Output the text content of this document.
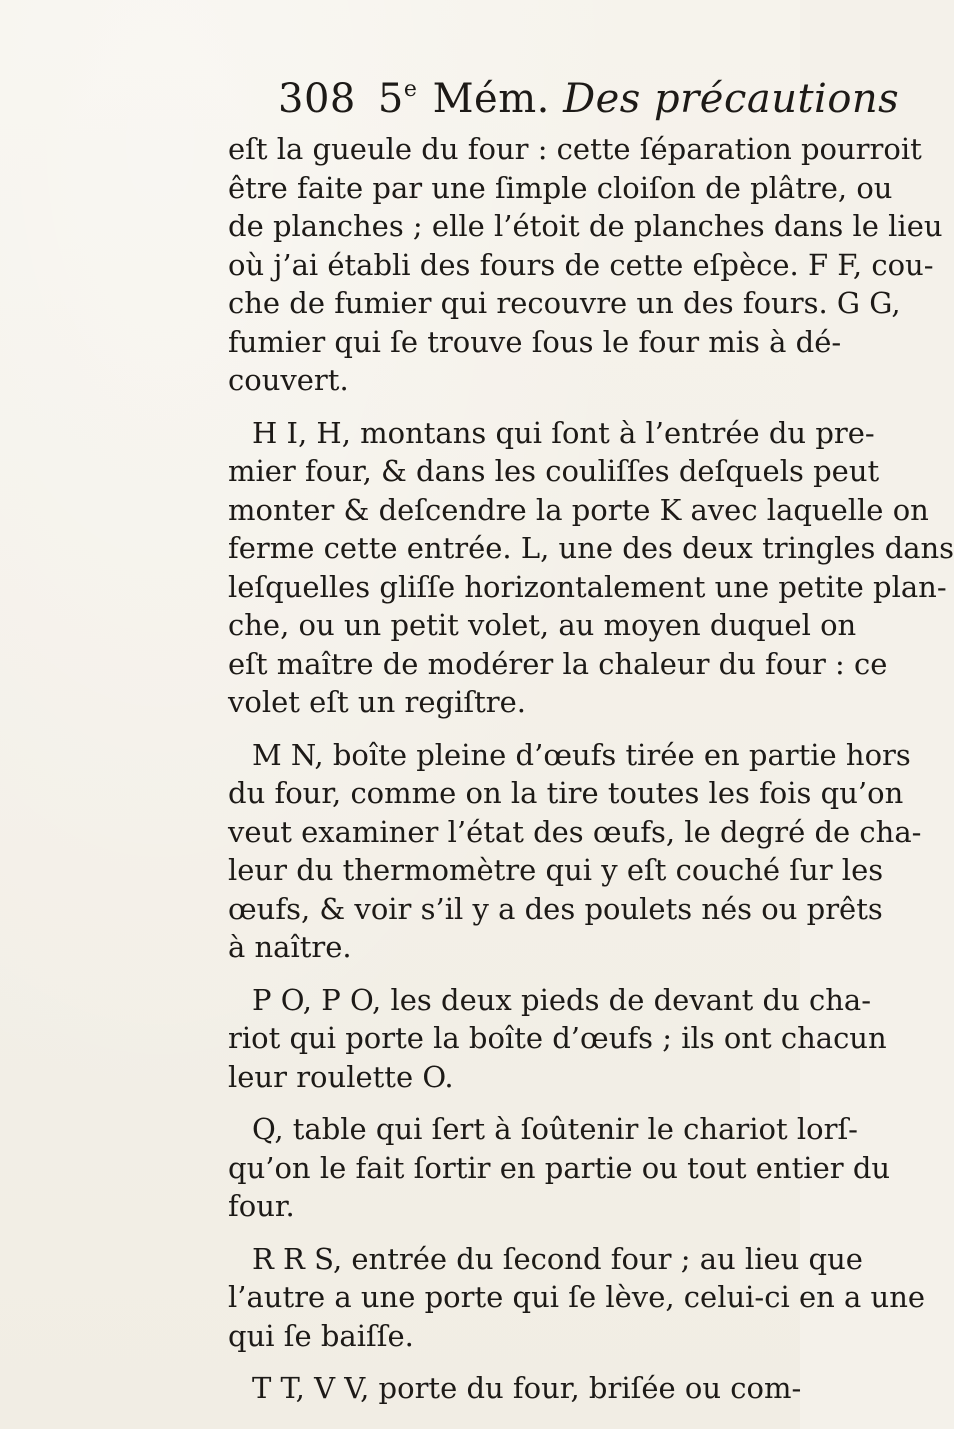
308 5e Mém. Des précautions

eſt la gueule du four : cette ſéparation pourroit
être faite par une ſimple cloiſon de plâtre, ou
de planches ; elle l’étoit de planches dans le lieu
où j’ai établi des fours de cette eſpèce. F F, cou-
che de fumier qui recouvre un des fours. G G,
fumier qui ſe trouve ſous le four mis à dé-
couvert.

H I, H, montans qui ſont à l’entrée du pre-
mier four, & dans les couliſſes deſquels peut
monter & deſcendre la porte K avec laquelle on
ferme cette entrée. L, une des deux tringles dans
leſquelles gliſſe horizontalement une petite plan-
che, ou un petit volet, au moyen duquel on
eſt maître de modérer la chaleur du four : ce
volet eſt un regiſtre.

M N, boîte pleine d’œufs tirée en partie hors
du four, comme on la tire toutes les fois qu’on
veut examiner l’état des œufs, le degré de cha-
leur du thermomètre qui y eſt couché ſur les
œufs, & voir s’il y a des poulets nés ou prêts
à naître.

P O, P O, les deux pieds de devant du cha-
riot qui porte la boîte d’œufs ; ils ont chacun
leur roulette O.

Q, table qui ſert à ſoûtenir le chariot lorſ-
qu’on le fait ſortir en partie ou tout entier du
four.

R R S, entrée du ſecond four ; au lieu que
l’autre a une porte qui ſe lève, celui-ci en a une
qui ſe baiſſe.

T T, V V, porte du four, briſée ou com-
